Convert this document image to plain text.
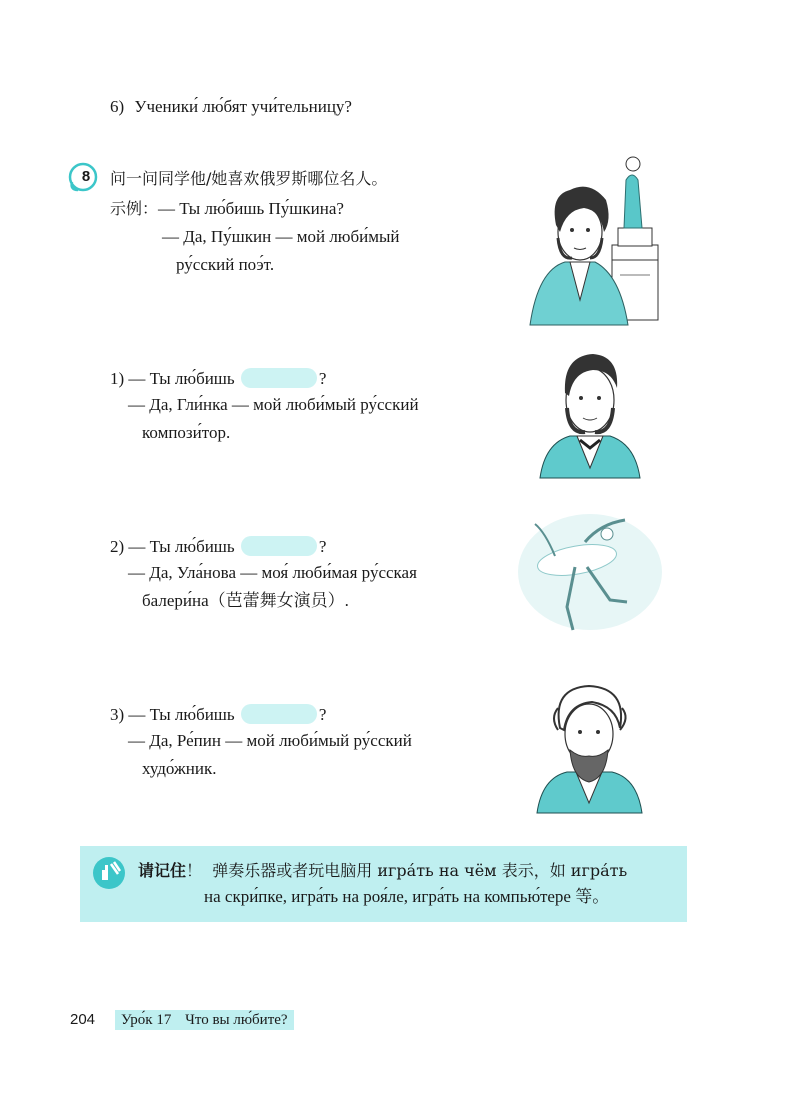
6) Ученики́ лю́бят учи́тельницу?
8 问一问同学他/她喜欢俄罗斯哪位名人。
示例：— Ты лю́бишь Пу́шкина?
— Да, Пу́шкин — мой люби́мый
ру́сский поэ́т.
1) — Ты лю́бишь	?
— Да, Гли́нка — мой люби́мый ру́сский
компози́тор.
2) — Ты лю́бишь	?
— Да, Ула́нова — моя́ люби́мая ру́сская
балери́на（芭蕾舞女演员）.
3) — Ты лю́бишь	?
— Да, Ре́пин — мой люби́мый ру́сский
худо́жник.
请记住！ 弹奏乐器或者玩电脑用 игра́ть на чём 表示，如 игра́ть
на скри́пке, игра́ть на роя́ле, игра́ть на компью́тере 等。
204	Уро́к 17 Что вы лю́бите?
